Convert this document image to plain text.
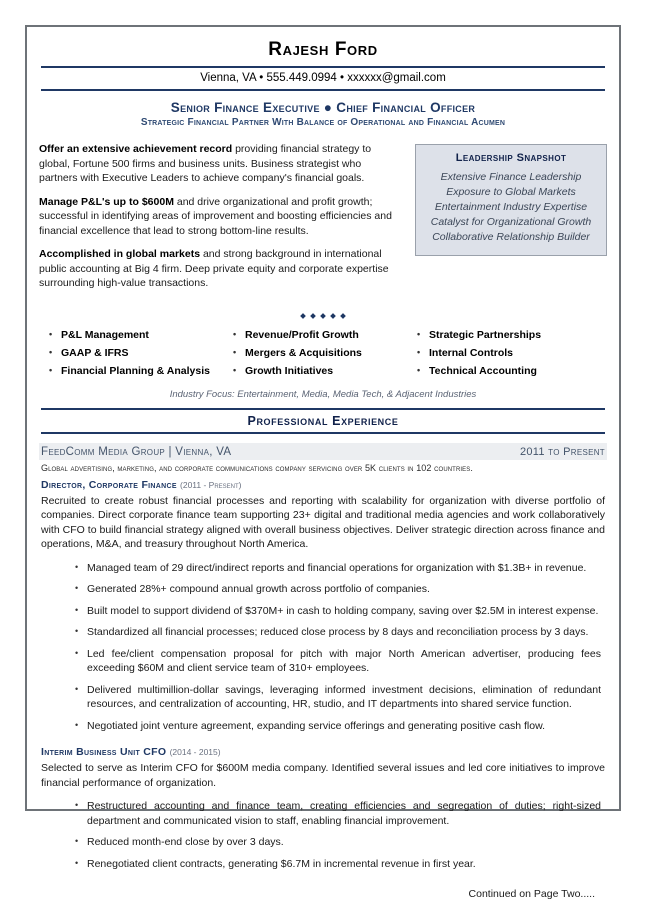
Rajesh Ford
Vienna, VA • 555.449.0994 • xxxxxx@gmail.com
Senior Finance Executive ● Chief Financial Officer
Strategic Financial Partner With Balance of Operational and Financial Acumen

Offer an extensive achievement record providing financial strategy to global, Fortune 500 firms and business units. Business strategist who partners with Executive Leaders to achieve company's financial goals.

Manage P&L's up to $600M and drive organizational and profit growth; successful in identifying areas of improvement and boosting efficiencies and financial excellence that lead to strong bottom-line results.

Accomplished in global markets and strong background in international public accounting at Big 4 firm. Deep private equity and corporate expertise surrounding high-value transactions.

Leadership Snapshot
Extensive Finance Leadership
Exposure to Global Markets
Entertainment Industry Expertise
Catalyst for Organizational Growth
Collaborative Relationship Builder
• P&L Management
• GAAP & IFRS
• Financial Planning & Analysis
• Revenue/Profit Growth
• Mergers & Acquisitions
• Growth Initiatives
• Strategic Partnerships
• Internal Controls
• Technical Accounting
Industry Focus: Entertainment, Media, Media Tech, & Adjacent Industries
Professional Experience
FeedComm Media Group | Vienna, VA	2011 to Present
Global advertising, marketing, and corporate communications company servicing over 5K clients in 102 countries.
Director, Corporate Finance (2011 - Present)

Recruited to create robust financial processes and reporting with scalability for organization with diverse portfolio of companies. Direct corporate finance team supporting 23+ digital and traditional media agencies and work collaboratively with CFO to build financial strategy aligned with overall business objectives. Deliver strategic direction across finance and operations, M&A, and treasury throughout North America.

• Managed team of 29 direct/indirect reports and financial operations for organization with $1.3B+ in revenue.
• Generated 28%+ compound annual growth across portfolio of companies.
• Built model to support dividend of $370M+ in cash to holding company, saving over $2.5M in interest expense.
• Standardized all financial processes; reduced close process by 8 days and reconciliation process by 3 days.
• Led fee/client compensation proposal for pitch with major North American advertiser, producing fees exceeding $60M and client service team of 310+ employees.
• Delivered multimillion-dollar savings, leveraging informed investment decisions, elimination of redundant resources, and centralization of accounting, HR, studio, and IT departments into shared service function.
• Negotiated joint venture agreement, expanding service offerings and generating positive cash flow.
Interim Business Unit CFO (2014 - 2015)

Selected to serve as Interim CFO for $600M media company. Identified several issues and led core initiatives to improve financial performance of organization.

• Restructured accounting and finance team, creating efficiencies and segregation of duties; right-sized department and communicated vision to staff, enabling financial improvement.
• Reduced month-end close by over 3 days.
• Renegotiated client contracts, generating $6.7M in incremental revenue in first year.
Continued on Page Two.....
